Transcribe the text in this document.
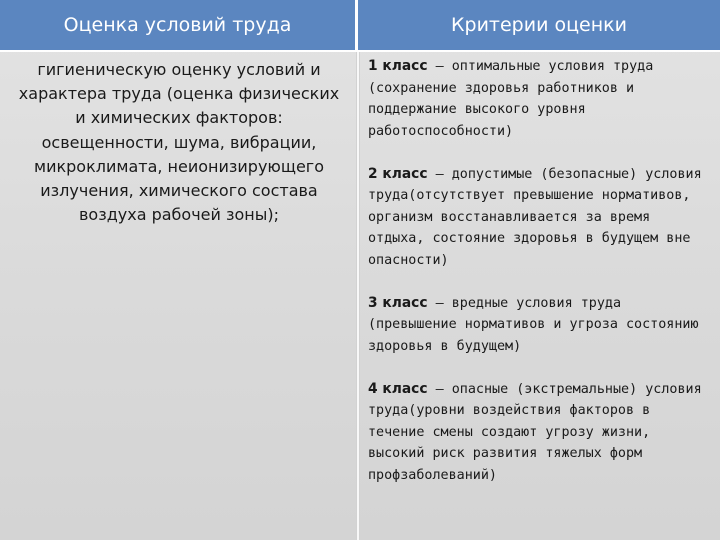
Оценка условий труда	Критерии оценки
гигиеническую оценку условий и характера труда (оценка физических и химических факторов: освещенности, шума, вибрации, микроклимата, неионизирующего излучения, химического состава воздуха рабочей зоны);
1 класс – оптимальные условия труда (сохранение здоровья работников и поддержание высокого уровня работоспособности)
2 класс – допустимые (безопасные) условия труда(отсутствует превышение нормативов, организм восстанавливается за время отдыха, состояние здоровья в будущем вне опасности)
3 класс – вредные условия труда (превышение нормативов и угроза состоянию здоровья в будущем)
4 класс – опасные (экстремальные) условия труда(уровни воздействия факторов в течение смены создают угрозу жизни, высокий риск развития тяжелых форм профзаболеваний)
